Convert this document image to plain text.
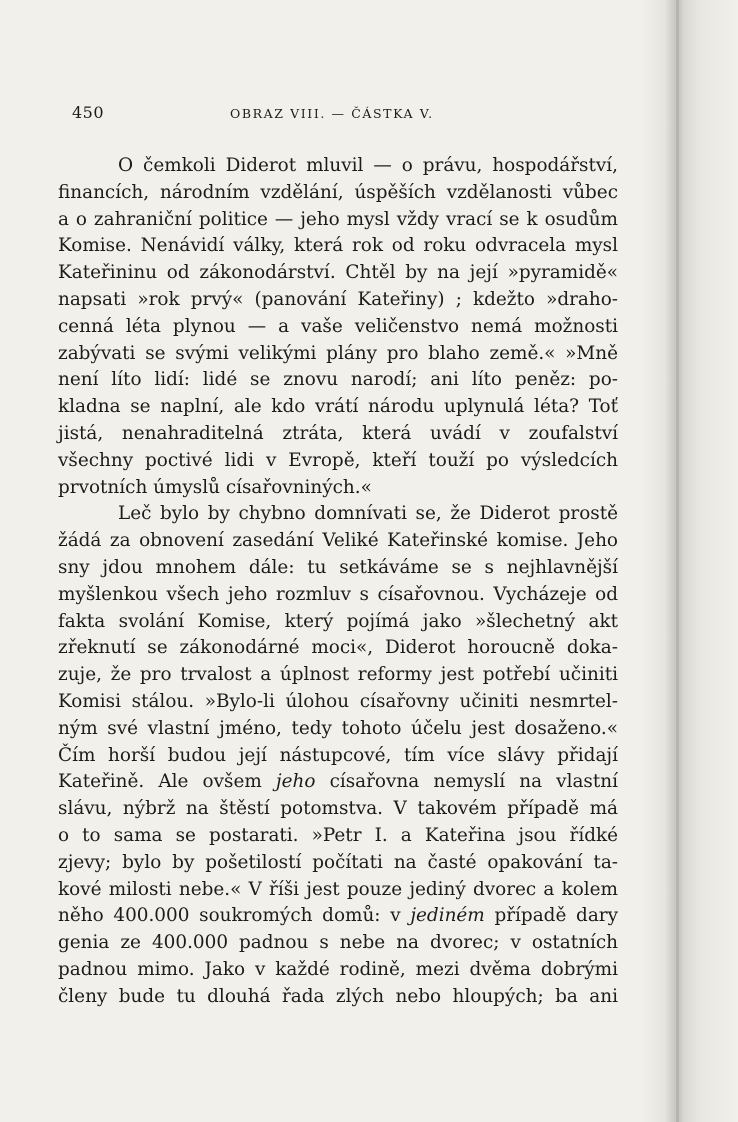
450	OBRAZ VIII. — ČÁSTKA V.
O čemkoli Diderot mluvil — o právu, hospodářství,
financích, národním vzdělání, úspěších vzdělanosti vůbec
a o zahraniční politice — jeho mysl vždy vrací se k osudům
Komise. Nenávidí války, která rok od roku odvracela mysl
Kateřininu od zákonodárství. Chtěl by na její »pyramidě«
napsati »rok prvý« (panování Kateřiny) ; kdežto »draho-
cenná léta plynou — a vaše veličenstvo nemá možnosti
zabývati se svými velikými plány pro blaho země.« »Mně
není líto lidí: lidé se znovu narodí; ani líto peněz: po-
kladna se naplní, ale kdo vrátí národu uplynulá léta? Toť
jistá, nenahraditelná ztráta, která uvádí v zoufalství
všechny poctivé lidi v Evropě, kteří touží po výsledcích
prvotních úmyslů císařovniných.«
Leč bylo by chybno domnívati se, že Diderot prostě
žádá za obnovení zasedání Veliké Kateřinské komise. Jeho
sny jdou mnohem dále: tu setkáváme se s nejhlavnější
myšlenkou všech jeho rozmluv s císařovnou. Vycházeje od
fakta svolání Komise, který pojímá jako »šlechetný akt
zřeknutí se zákonodárné moci«, Diderot horoucně doka-
zuje, že pro trvalost a úplnost reformy jest potřebí učiniti
Komisi stálou. »Bylo-li úlohou císařovny učiniti nesmrtel-
ným své vlastní jméno, tedy tohoto účelu jest dosaženo.«
Čím horší budou její nástupcové, tím více slávy přidají
Kateřině. Ale ovšem jeho císařovna nemyslí na vlastní
slávu, nýbrž na štěstí potomstva. V takovém případě má
o to sama se postarati. »Petr I. a Kateřina jsou řídké
zjevy; bylo by pošetilostí počítati na časté opakování ta-
kové milosti nebe.« V říši jest pouze jediný dvorec a kolem
něho 400.000 soukromých domů: v jediném případě dary
genia ze 400.000 padnou s nebe na dvorec; v ostatních
padnou mimo. Jako v každé rodině, mezi dvěma dobrými
členy bude tu dlouhá řada zlých nebo hloupých; ba ani
